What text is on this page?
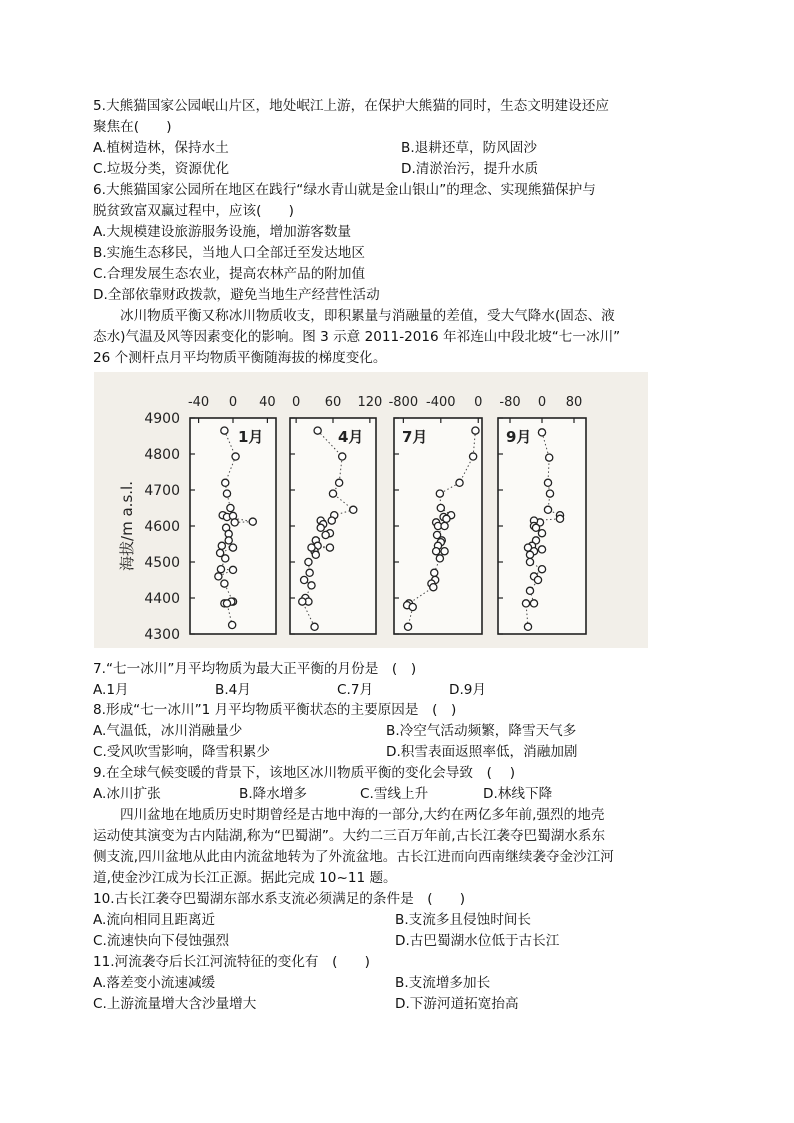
5.大熊猫国家公园岷山片区，地处岷江上游，在保护大熊猫的同时，生态文明建设还应
聚焦在(　　)
A.植树造林，保持水土	B.退耕还草，防风固沙
C.垃圾分类，资源优化	D.清淤治污，提升水质
6.大熊猫国家公园所在地区在践行“绿水青山就是金山银山”的理念、实现熊猫保护与
脱贫致富双赢过程中，应该(　　)
A.大规模建设旅游服务设施，增加游客数量
B.实施生态移民，当地人口全部迁至发达地区
C.合理发展生态农业，提高农林产品的附加值
D.全部依靠财政拨款，避免当地生产经营性活动
冰川物质平衡又称冰川物质收支，即积累量与消融量的差值，受大气降水(固态、液
态水)气温及风等因素变化的影响。图 3 示意 2011-2016 年祁连山中段北坡“七一冰川”
26 个测杆点月平均物质平衡随海拔的梯度变化。
海拔/m a.s.l.
4900
4800
4700
4600
4500
4400
4300
-40 0 40
1月
0 60 120
4月
-800 -400 0
7月
-80 0 80
9月
7.“七一冰川”月平均物质为最大正平衡的月份是　(　)
A.1月	B.4月	C.7月	D.9月
8.形成“七一冰川”1 月平均物质平衡状态的主要原因是　(　)
A.气温低，冰川消融量少	B.冷空气活动频繁，降雪天气多
C.受风吹雪影响，降雪积累少	D.积雪表面返照率低，消融加剧
9.在全球气候变暖的背景下，该地区冰川物质平衡的变化会导致　(　 )
A.冰川扩张	B.降水增多	C.雪线上升	D.林线下降
四川盆地在地质历史时期曾经是古地中海的一部分,大约在两亿多年前,强烈的地壳
运动使其演变为古内陆湖,称为“巴蜀湖”。大约二三百万年前,古长江袭夺巴蜀湖水系东
侧支流,四川盆地从此由内流盆地转为了外流盆地。古长江进而向西南继续袭夺金沙江河
道,使金沙江成为长江正源。据此完成 10~11 题。
10.古长江袭夺巴蜀湖东部水系支流必须满足的条件是　(　　)
A.流向相同且距离近	B.支流多且侵蚀时间长
C.流速快向下侵蚀强烈	D.古巴蜀湖水位低于古长江
11.河流袭夺后长江河流特征的变化有　(　　)
A.落差变小流速减缓	B.支流增多加长
C.上游流量增大含沙量增大	D.下游河道拓宽抬高
